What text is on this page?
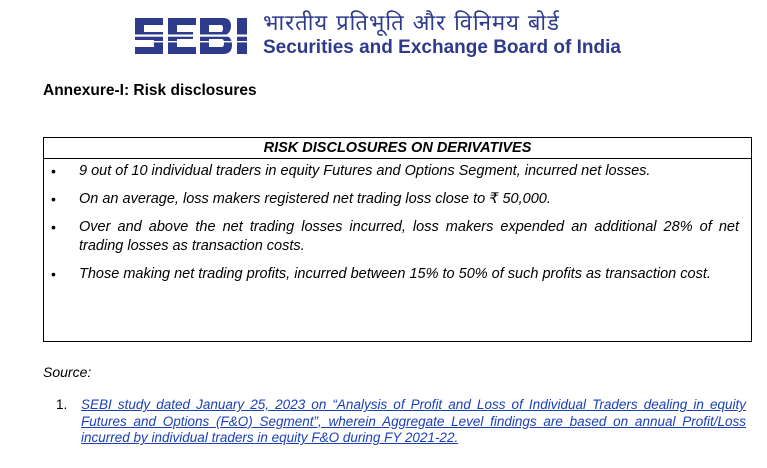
भारतीय प्रतिभूति और विनिमय बोर्ड
Securities and Exchange Board of India
Annexure-I: Risk disclosures
RISK DISCLOSURES ON DERIVATIVES
• 9 out of 10 individual traders in equity Futures and Options Segment, incurred net losses.
• On an average, loss makers registered net trading loss close to ₹ 50,000.
• Over and above the net trading losses incurred, loss makers expended an additional 28% of net trading losses as transaction costs.
• Those making net trading profits, incurred between 15% to 50% of such profits as transaction cost.

Source:

1. SEBI study dated January 25, 2023 on “Analysis of Profit and Loss of Individual Traders dealing in equity Futures and Options (F&O) Segment”, wherein Aggregate Level findings are based on annual Profit/Loss incurred by individual traders in equity F&O during FY 2021-22.
